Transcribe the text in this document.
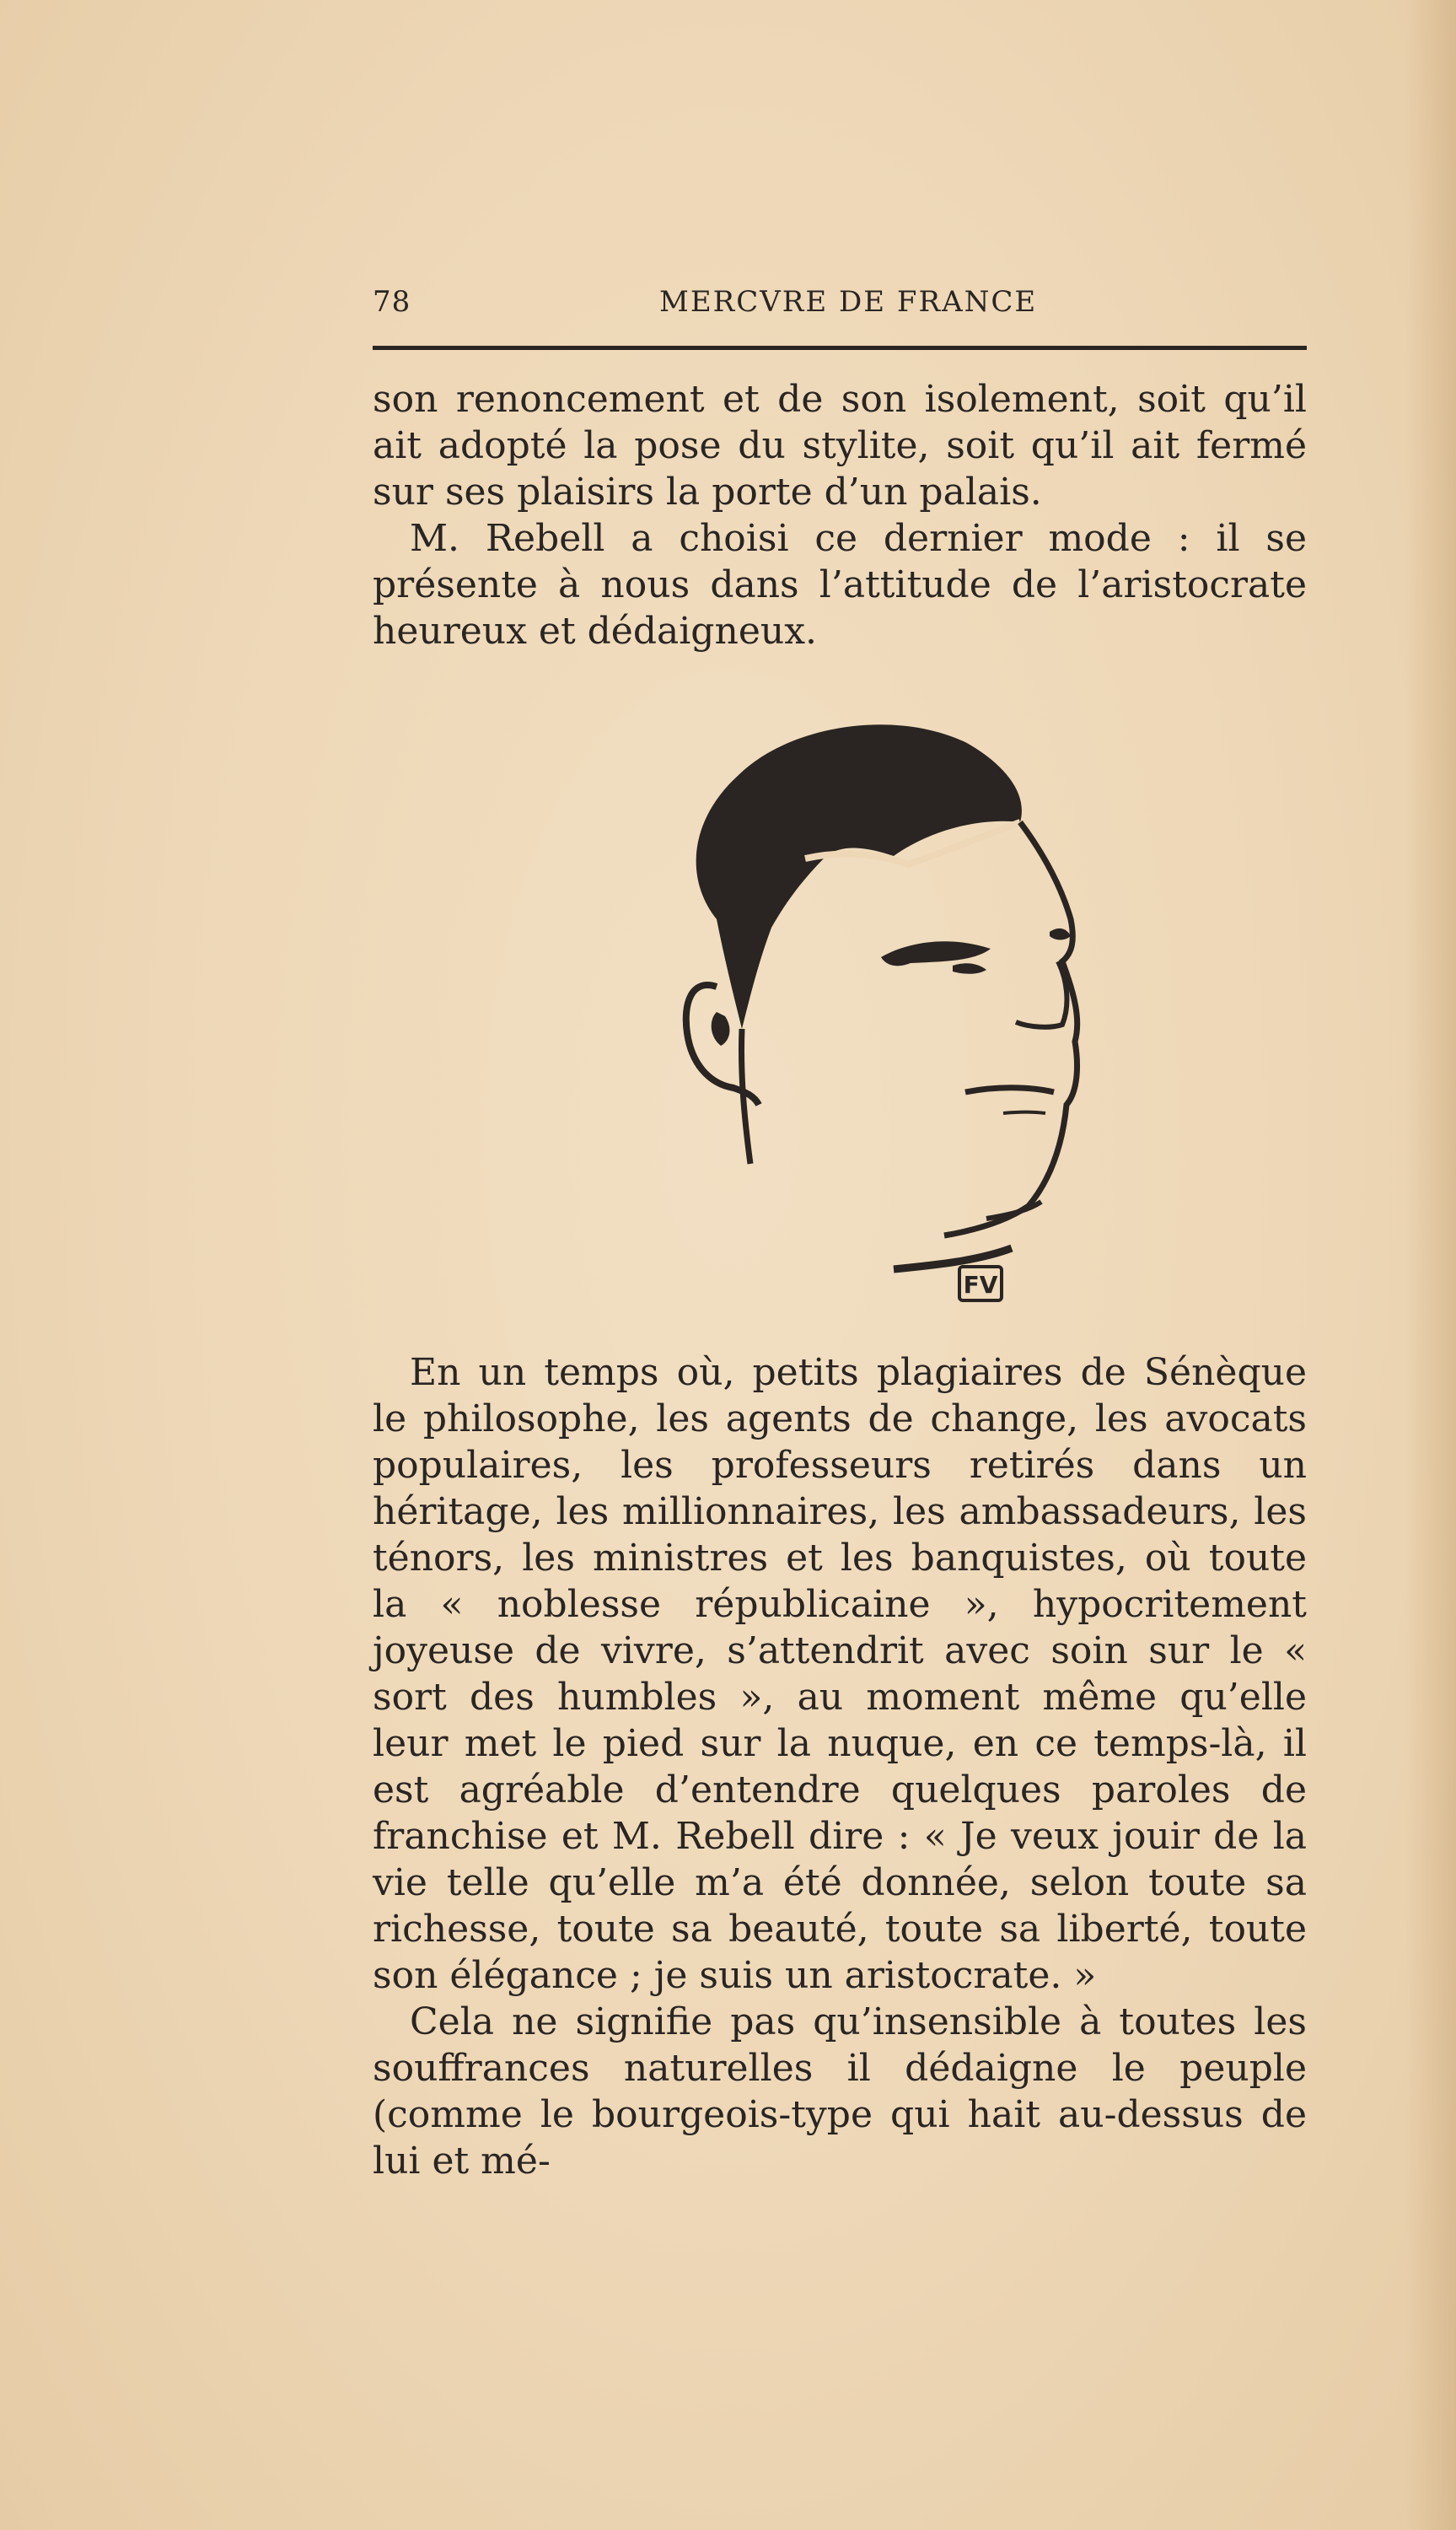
78	MERCVRE DE FRANCE

son renoncement et de son isolement, soit qu’il ait adopté la pose du stylite, soit qu’il ait fermé sur ses plaisirs la porte d’un palais.

M. Rebell a choisi ce dernier mode : il se présente à nous dans l’attitude de l’aristocrate heureux et dédaigneux.

FV

En un temps où, petits plagiaires de Sénèque le philosophe, les agents de change, les avocats populaires, les professeurs retirés dans un héritage, les millionnaires, les ambassadeurs, les ténors, les ministres et les banquistes, où toute la « noblesse républicaine », hypocritement joyeuse de vivre, s’attendrit avec soin sur le « sort des humbles », au moment même qu’elle leur met le pied sur la nuque, en ce temps-là, il est agréable d’entendre quelques paroles de franchise et M. Rebell dire : « Je veux jouir de la vie telle qu’elle m’a été donnée, selon toute sa richesse, toute sa beauté, toute sa liberté, toute son élégance ; je suis un aristocrate. »

Cela ne signifie pas qu’insensible à toutes les souffrances naturelles il dédaigne le peuple (comme le bourgeois-type qui hait au-dessus de lui et mé-
